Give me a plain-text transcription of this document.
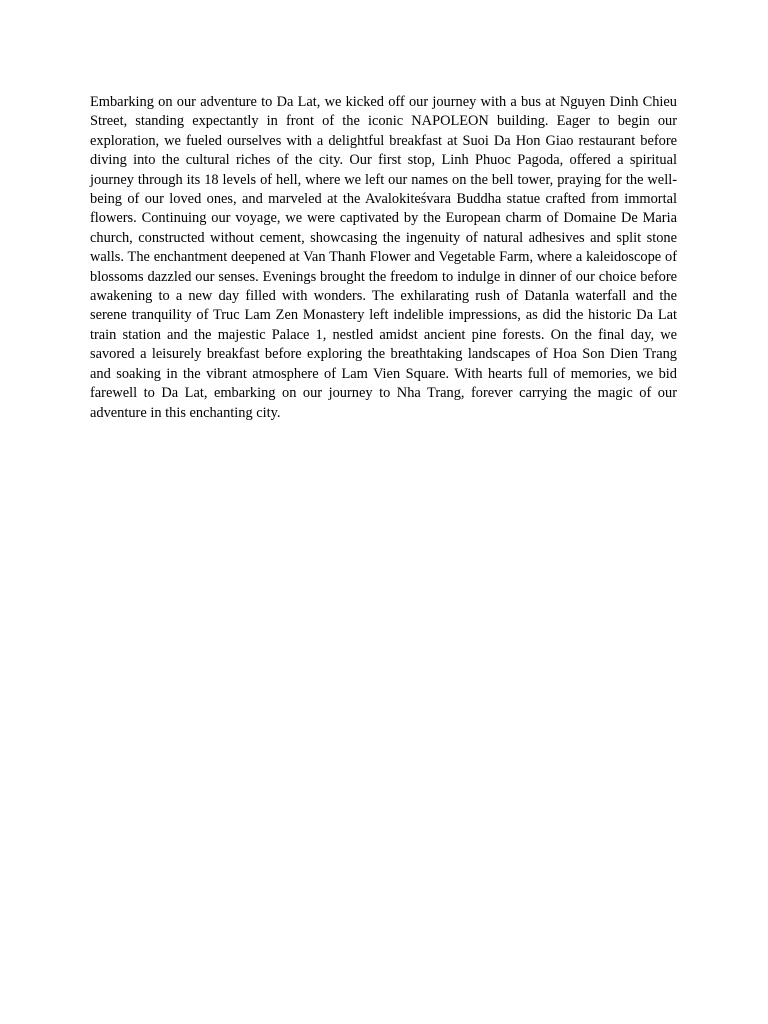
Embarking on our adventure to Da Lat, we kicked off our journey with a bus at Nguyen Dinh Chieu Street, standing expectantly in front of the iconic NAPOLEON building. Eager to begin our exploration, we fueled ourselves with a delightful breakfast at Suoi Da Hon Giao restaurant before diving into the cultural riches of the city. Our first stop, Linh Phuoc Pagoda, offered a spiritual journey through its 18 levels of hell, where we left our names on the bell tower, praying for the well-being of our loved ones, and marveled at the Avalokiteśvara Buddha statue crafted from immortal flowers. Continuing our voyage, we were captivated by the European charm of Domaine De Maria church, constructed without cement, showcasing the ingenuity of natural adhesives and split stone walls. The enchantment deepened at Van Thanh Flower and Vegetable Farm, where a kaleidoscope of blossoms dazzled our senses. Evenings brought the freedom to indulge in dinner of our choice before awakening to a new day filled with wonders. The exhilarating rush of Datanla waterfall and the serene tranquility of Truc Lam Zen Monastery left indelible impressions, as did the historic Da Lat train station and the majestic Palace 1, nestled amidst ancient pine forests. On the final day, we savored a leisurely breakfast before exploring the breathtaking landscapes of Hoa Son Dien Trang and soaking in the vibrant atmosphere of Lam Vien Square. With hearts full of memories, we bid farewell to Da Lat, embarking on our journey to Nha Trang, forever carrying the magic of our adventure in this enchanting city.
